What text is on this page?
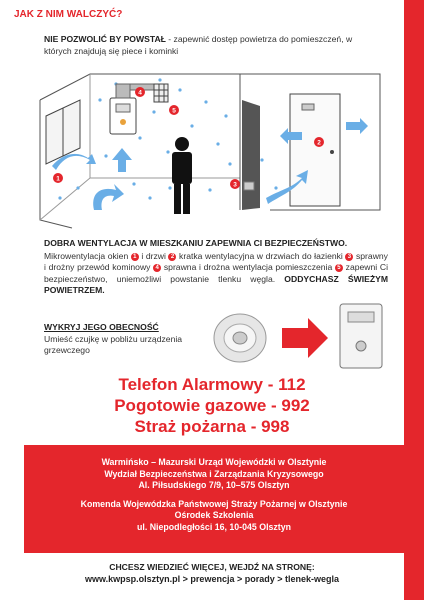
JAK Z NIM WALCZYĆ?
NIE POZWOLIĆ BY POWSTAŁ - zapewnić dostęp powietrza do pomieszczeń, w których znajdują się piece i kominki
1
2
3
4
5
DOBRA WENTYLACJA W MIESZKANIU ZAPEWNIA CI BEZPIECZEŃSTWO.
Mikrowentylacja okien 1 i drzwi 2 kratka wentylacyjna w drzwiach do łazienki 3 sprawny i drożny przewód kominowy 4 sprawna i drożna wentylacja pomieszczenia 5 zapewni Ci bezpieczeństwo, uniemożliwi powstanie tlenku węgla. ODDYCHASZ ŚWIEŻYM POWIETRZEM.
WYKRYJ JEGO OBECNOŚĆ
Umieść czujkę w pobliżu urządzenia grzewczego
Telefon Alarmowy - 112
Pogotowie gazowe - 992
Straż pożarna - 998
Warmińsko – Mazurski Urząd Wojewódzki w Olsztynie
Wydział Bezpieczeństwa i Zarządzania Kryzysowego
Al. Piłsudskiego 7/9, 10–575 Olsztyn
Komenda Wojewódzka Państwowej Straży Pożarnej w Olsztynie
Ośrodek Szkolenia
ul. Niepodległości 16, 10-045 Olsztyn
CHCESZ WIEDZIEĆ WIĘCEJ, WEJDŹ NA STRONĘ:
www.kwpsp.olsztyn.pl > prewencja > porady > tlenek-wegla
